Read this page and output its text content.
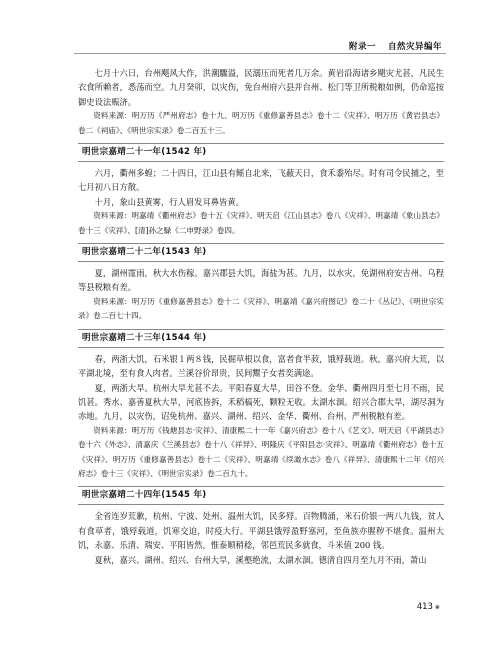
附录一 自然灾异编年

七月十六日，台州飓风大作，洪潮驟溢，民溺压而死者几万余。黄岩沿海诸乡飓灾尤甚，凡民生衣食所赖者，悉荡而空。九月癸卯，以灾伤，免台州府六县并台州、松门等卫所税粮如例，仍命巡按御史设法赈济。

资料来源：明万历《严州府志》卷十九、明万历《重修嘉善县志》卷十二《灾祥》、明万历《黄岩县志》卷二《祠庙》、《明世宗实录》卷二百五十三。

明世宗嘉靖二十一年(1542 年)

六月，衢州多蝗；二十四日，江山县有鳐自北来，飞蔽天日，食禾黍殆尽。时有司令民捕之，至七月初八日方散。

十月，象山县黄雾，行人眉发耳鼻皆黄。

资料来源：明嘉靖《衢州府志》卷十五《灾祥》、明天启《江山县志》卷八《灾祥》、明嘉靖《象山县志》卷十三《灾祥》、[清]孙之騄《二申野录》卷四。

明世宗嘉靖二十二年(1543 年)

夏，湖州霪雨，秋大水伤稼。嘉兴郡县大饥，海盐为甚。九月，以水灾，免湖州府安吉州、乌程等县税粮有差。

资料来源：明万历《重修嘉善县志》卷十二《灾祥》、明嘉靖《嘉兴府图记》卷二十《丛记》、《明世宗实录》卷二百七十四。

明世宗嘉靖二十三年(1544 年)

春，两浙大饥，石米银１两８钱，民掘草根以食，富者食半菽，饿殍载道。秋，嘉兴府大荒，以平湖北境，至有食人肉者。兰溪谷价昂贵，民间鬻子女者奕满途。

夏，两浙大旱。杭州大旱尤甚不去。平阳春夏大旱，田谷不登。金华、衢州四月至七月不雨，民饥甚。秀水、嘉善夏秋大旱，河底皆拆，禾稻槁死，颗粒无收。太湖水涸。绍兴合郡大旱，湖尽洞为赤地。九月，以灾伤，诏免杭州、嘉兴、湖州、绍兴、金华、衢州、台州、严州税粮有差。

资料来源：明万历《钱塘县志·灾祥》、清康熙二十一年《嘉兴府志》卷十八《艺文》、明天启《平湖县志》卷十六《外志》、清嘉庆《兰溪县志》卷十八《祥异》、明隆庆《平阳县志·灾祥》、明嘉靖《衢州府志》卷十五《灾祥》、明万历《重修嘉善县志》卷十二《灾祥》、明嘉靖《续澉水志》卷八《祥异》、清康熙十二年《绍兴府志》卷十三《灾祥》、《明世宗实录》卷二百九十。

明世宗嘉靖二十四年(1545 年)

全省连岁荒歉，杭州、宁波、处州、温州大饥，民多殍。百物腾涌，米石价银一两八九钱，贫人有食草者，饿殍载道，饥寒交迫，时疫大行。平湖县饿殍盈野塞河，至鱼族亦腥秽不堪食。温州大饥，永嘉、乐清、瑞安、平阳皆然，惟泰顺稍稔，邻邑荒民多就食，斗米值 200 钱。

夏秋，嘉兴、湖州、绍兴、台州大旱，溪壑绝流，太湖水涸。德清自四月至九月不雨，萧山

413 ❀
